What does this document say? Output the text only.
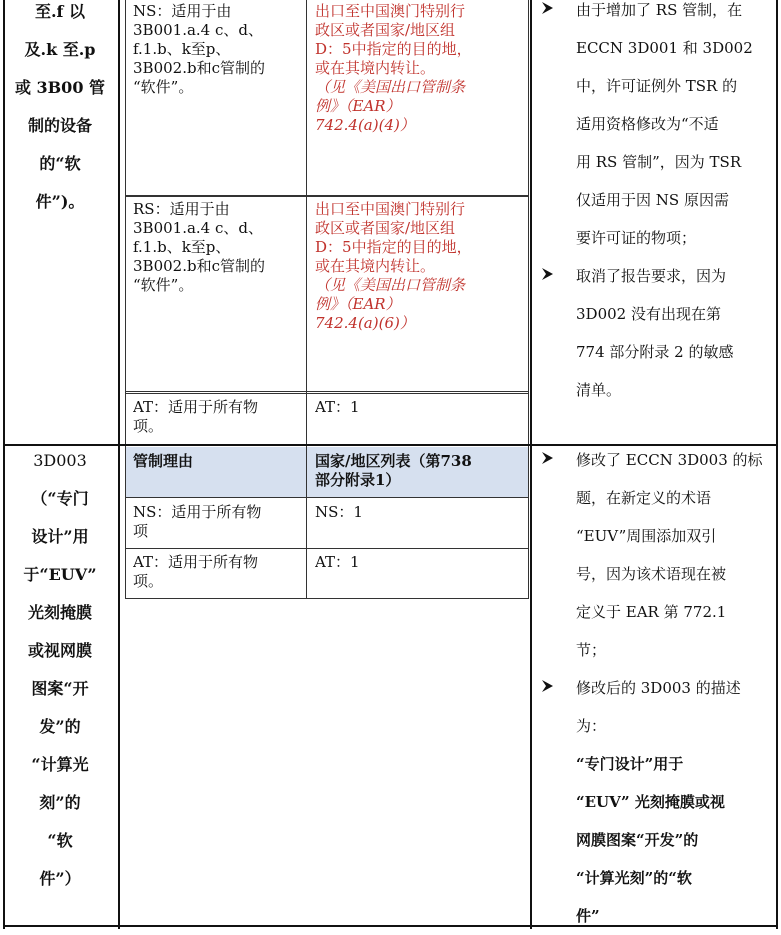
至.f 以
及.k 至.p
或 3B00 管
制的设备
的“软
件”)。
NS：适用于由
3B001.a.4 c、d、
f.1.b、k至p、
3B002.b和c管制的
“软件”。
出口至中国澳门特别行
政区或者国家/地区组
D：5中指定的目的地，
或在其境内转让。
（见《美国出口管制条
例》（EAR）
742.4(a)(4)）
RS：适用于由
3B001.a.4 c、d、
f.1.b、k至p、
3B002.b和c管制的
“软件”。
出口至中国澳门特别行
政区或者国家/地区组
D：5中指定的目的地，
或在其境内转让。
（见《美国出口管制条
例》（EAR）
742.4(a)(6)）
AT：适用于所有物
项。
AT：1
由于增加了 RS 管制，在
ECCN 3D001 和 3D002
中，许可证例外 TSR 的
适用资格修改为“不适
用 RS 管制”，因为 TSR
仅适用于因 NS 原因需
要许可证的物项；
取消了报告要求，因为
3D002 没有出现在第
774 部分附录 2 的敏感
清单。
管制理由	国家/地区列表（第738
部分附录1）
NS：适用于所有物
项
NS：1
AT：适用于所有物
项。
AT：1
3D003
（“专门
设计”用
于“EUV”
光刻掩膜
或视网膜
图案“开
发”的
“计算光
刻”的
“软
件”）
修改了 ECCN 3D003 的标
题，在新定义的术语
“EUV”周围添加双引
号，因为该术语现在被
定义于 EAR 第 772.1
节；
修改后的 3D003 的描述
为：
“专门设计”用于
“EUV” 光刻掩膜或视
网膜图案“开发”的
“计算光刻”的“软
件”
